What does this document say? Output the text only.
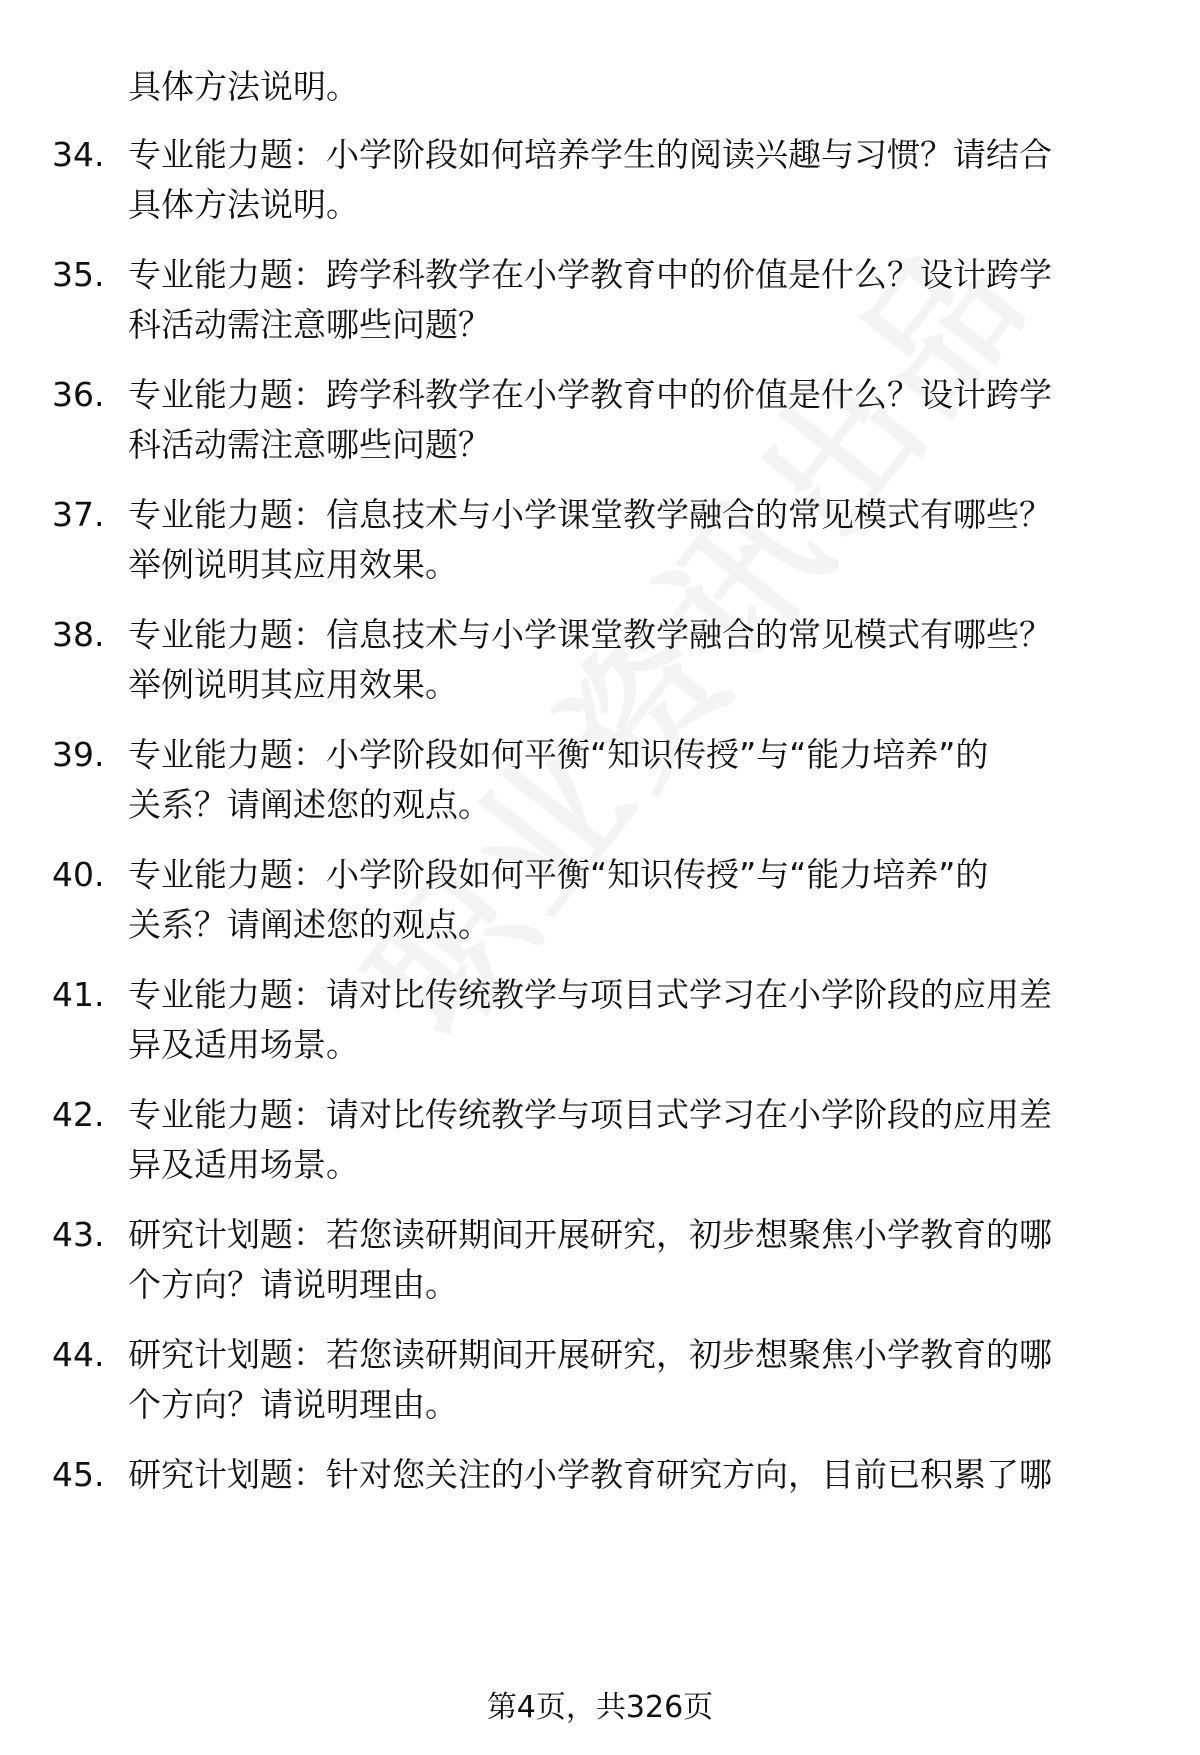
具体方法说明。
34. 专业能力题：小学阶段如何培养学生的阅读兴趣与习惯？请结合
具体方法说明。
35. 专业能力题：跨学科教学在小学教育中的价值是什么？设计跨学
科活动需注意哪些问题？
36. 专业能力题：跨学科教学在小学教育中的价值是什么？设计跨学
科活动需注意哪些问题？
37. 专业能力题：信息技术与小学课堂教学融合的常见模式有哪些？
举例说明其应用效果。
38. 专业能力题：信息技术与小学课堂教学融合的常见模式有哪些？
举例说明其应用效果。
39. 专业能力题：小学阶段如何平衡“知识传授”与“能力培养”的
关系？请阐述您的观点。
40. 专业能力题：小学阶段如何平衡“知识传授”与“能力培养”的
关系？请阐述您的观点。
41. 专业能力题：请对比传统教学与项目式学习在小学阶段的应用差
异及适用场景。
42. 专业能力题：请对比传统教学与项目式学习在小学阶段的应用差
异及适用场景。
43. 研究计划题：若您读研期间开展研究，初步想聚焦小学教育的哪
个方向？请说明理由。
44. 研究计划题：若您读研期间开展研究，初步想聚焦小学教育的哪
个方向？请说明理由。
45. 研究计划题：针对您关注的小学教育研究方向，目前已积累了哪
第4页，共326页
